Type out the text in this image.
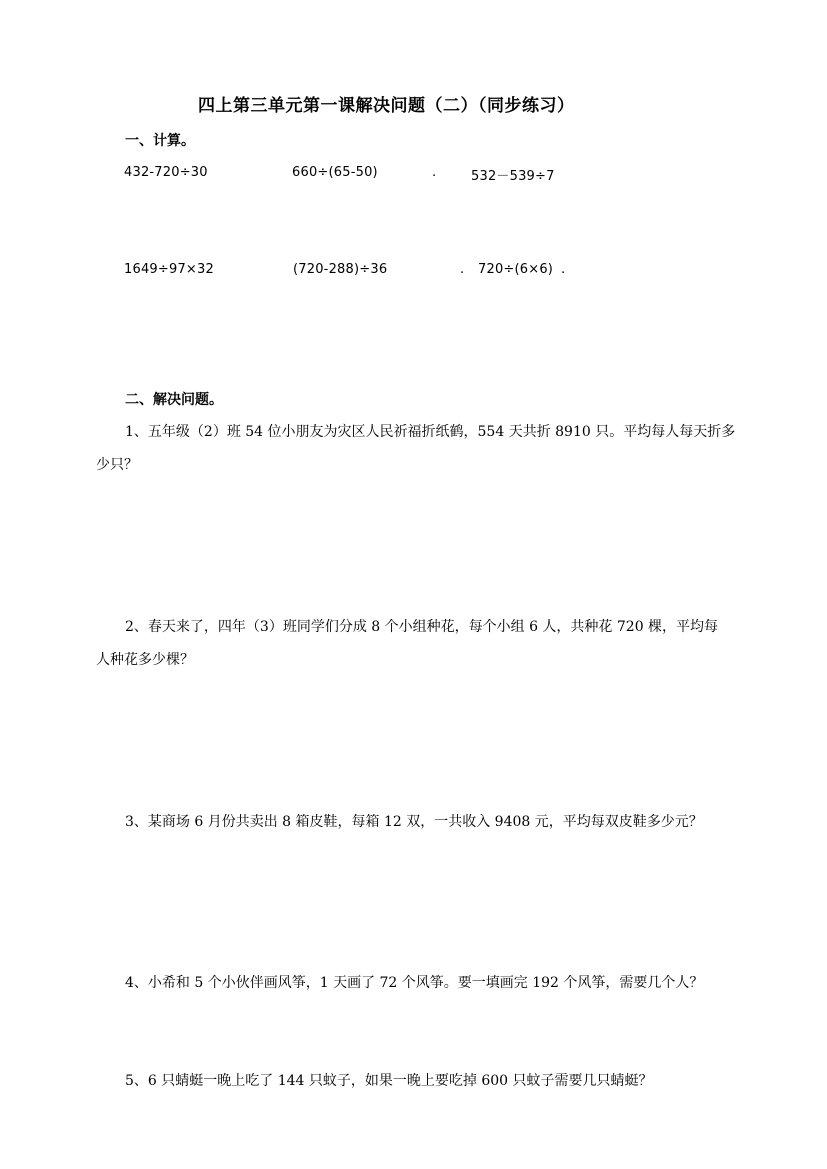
四上第三单元第一课解决问题（二）（同步练习）
一、计算。
432-720÷30	660÷(65-50)	.	532－539÷7
1649÷97×32	(720-288)÷36	. 720÷(6×6) .
二、解决问题。
1、五年级（2）班 54 位小朋友为灾区人民祈福折纸鹤，554 天共折 8910 只。平均每人每天折多
少只？
2、春天来了，四年（3）班同学们分成 8 个小组种花，每个小组 6 人，共种花 720 棵，平均每
人种花多少棵？
3、某商场 6 月份共卖出 8 箱皮鞋，每箱 12 双，一共收入 9408 元，平均每双皮鞋多少元？
4、小希和 5 个小伙伴画风筝，1 天画了 72 个风筝。要一填画完 192 个风筝，需要几个人？
5、6 只蜻蜓一晚上吃了 144 只蚊子，如果一晚上要吃掉 600 只蚊子需要几只蜻蜓？
